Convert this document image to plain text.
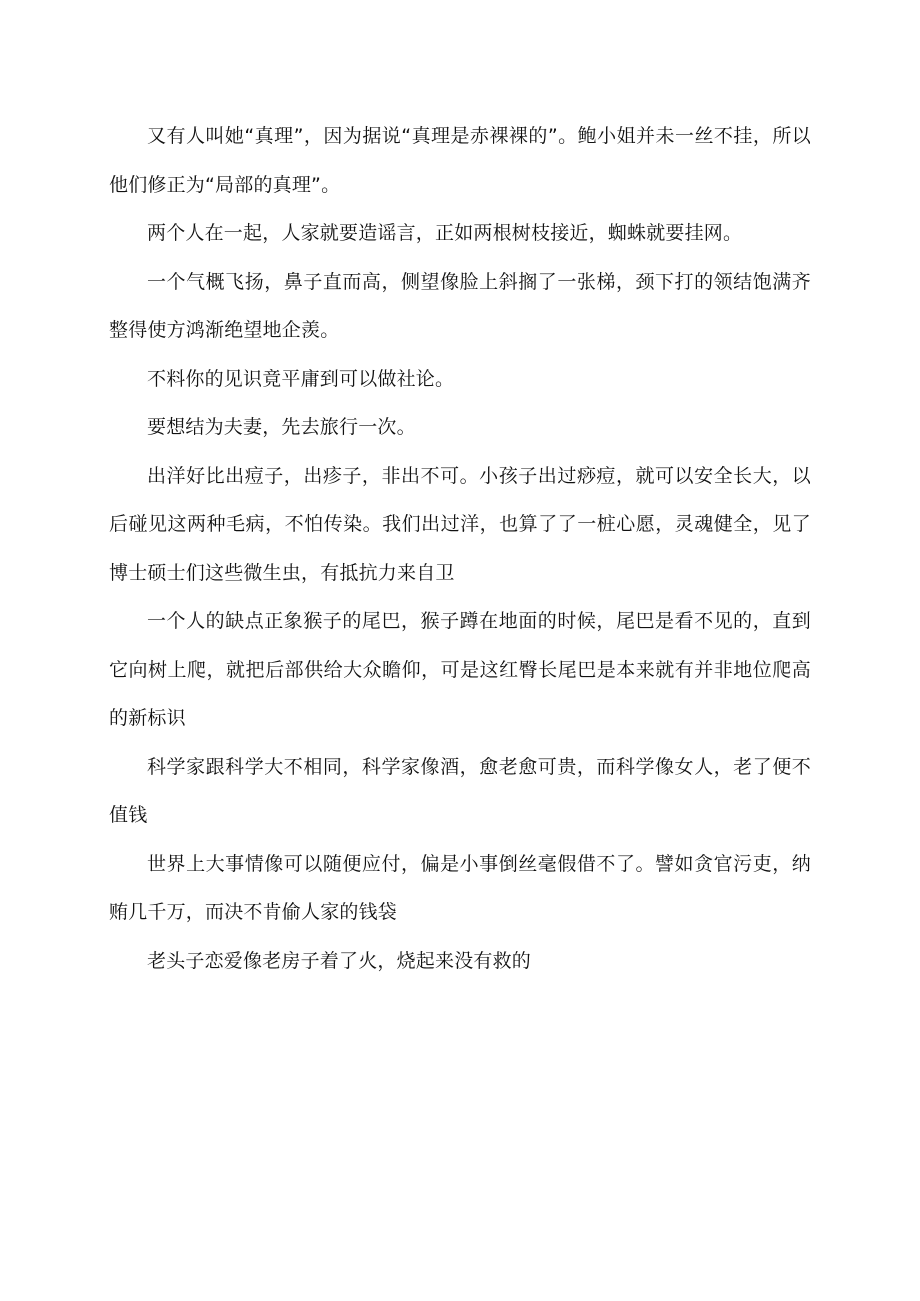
又有人叫她“真理”，因为据说“真理是赤裸裸的”。鲍小姐并未一丝不挂，所以他们修正为“局部的真理”。

两个人在一起，人家就要造谣言，正如两根树枝接近，蜘蛛就要挂网。

一个气概飞扬，鼻子直而高，侧望像脸上斜搁了一张梯，颈下打的领结饱满齐整得使方鸿渐绝望地企羡。

不料你的见识竟平庸到可以做社论。

要想结为夫妻，先去旅行一次。

出洋好比出痘子，出疹子，非出不可。小孩子出过痧痘，就可以安全长大，以后碰见这两种毛病，不怕传染。我们出过洋，也算了了一桩心愿，灵魂健全，见了博士硕士们这些微生虫，有抵抗力来自卫

一个人的缺点正象猴子的尾巴，猴子蹲在地面的时候，尾巴是看不见的，直到它向树上爬，就把后部供给大众瞻仰，可是这红臀长尾巴是本来就有并非地位爬高的新标识

科学家跟科学大不相同，科学家像酒，愈老愈可贵，而科学像女人，老了便不值钱

世界上大事情像可以随便应付，偏是小事倒丝毫假借不了。譬如贪官污吏，纳贿几千万，而决不肯偷人家的钱袋

老头子恋爱像老房子着了火，烧起来没有救的
